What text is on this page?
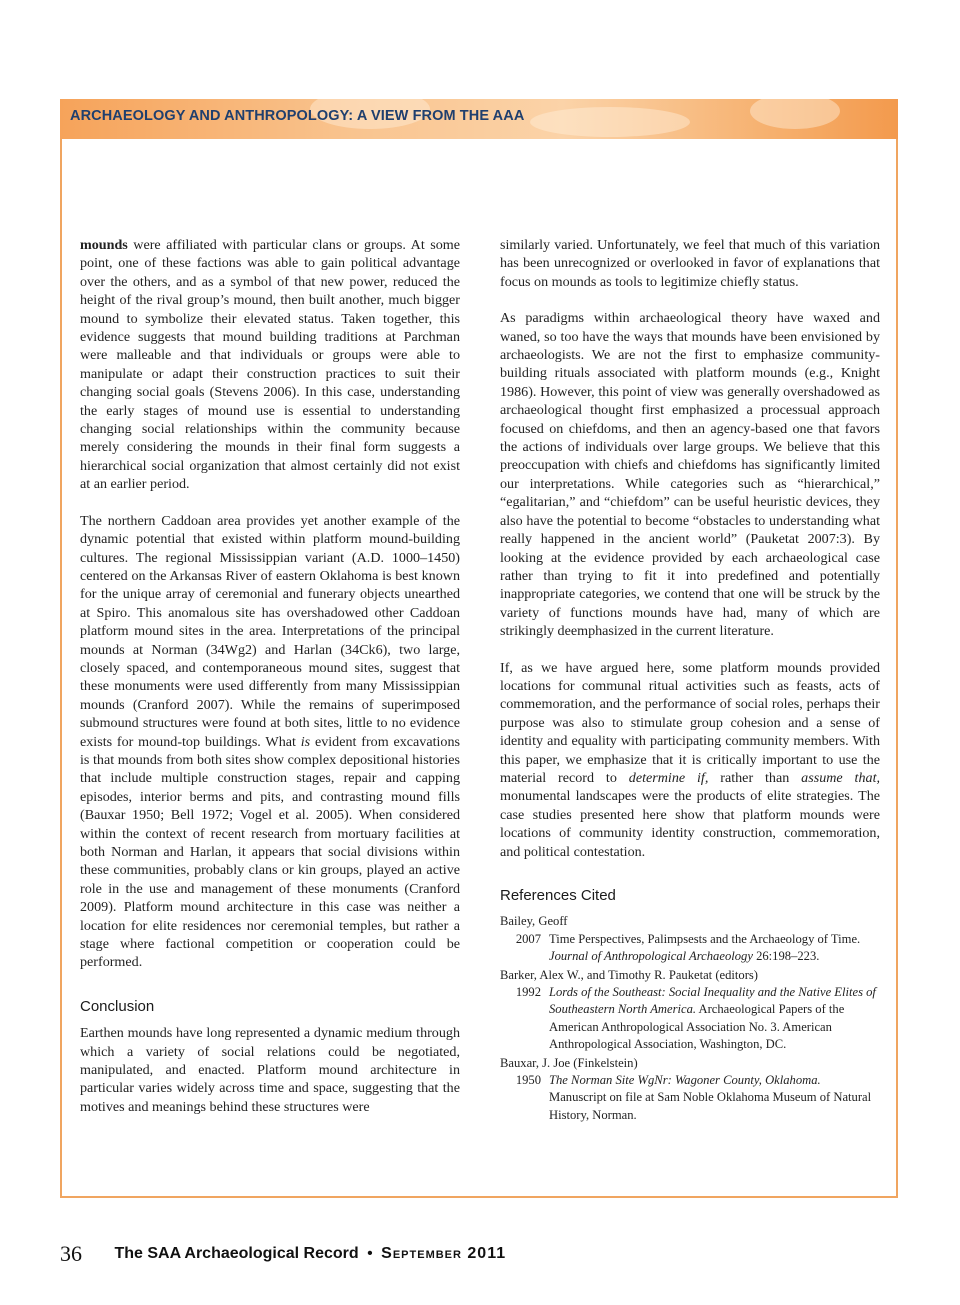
ARCHAEOLOGY AND ANTHROPOLOGY: A VIEW FROM THE AAA

mounds were affiliated with particular clans or groups. At some point, one of these factions was able to gain political advantage over the others, and as a symbol of that new power, reduced the height of the rival group’s mound, then built another, much bigger mound to symbolize their elevated status. Taken together, this evidence suggests that mound building traditions at Parchman were malleable and that individuals or groups were able to manipulate or adapt their construction practices to suit their changing social goals (Stevens 2006). In this case, understanding the early stages of mound use is essential to understanding changing social relationships within the community because merely considering the mounds in their final form suggests a hierarchical social organization that almost certainly did not exist at an earlier period.

The northern Caddoan area provides yet another example of the dynamic potential that existed within platform mound-building cultures. The regional Mississippian variant (A.D. 1000–1450) centered on the Arkansas River of eastern Oklahoma is best known for the unique array of ceremonial and funerary objects unearthed at Spiro. This anomalous site has overshadowed other Caddoan platform mound sites in the area. Interpretations of the principal mounds at Norman (34Wg2) and Harlan (34Ck6), two large, closely spaced, and contemporaneous mound sites, suggest that these monuments were used differently from many Mississippian mounds (Cranford 2007). While the remains of superimposed submound structures were found at both sites, little to no evidence exists for mound-top buildings. What is evident from excavations is that mounds from both sites show complex depositional histories that include multiple construction stages, repair and capping episodes, interior berms and pits, and contrasting mound fills (Bauxar 1950; Bell 1972; Vogel et al. 2005). When considered within the context of recent research from mortuary facilities at both Norman and Harlan, it appears that social divisions within these communities, probably clans or kin groups, played an active role in the use and management of these monuments (Cranford 2009). Platform mound architecture in this case was neither a location for elite residences nor ceremonial temples, but rather a stage where factional competition or cooperation could be performed.

Conclusion

Earthen mounds have long represented a dynamic medium through which a variety of social relations could be negotiated, manipulated, and enacted. Platform mound architecture in particular varies widely across time and space, suggesting that the motives and meanings behind these structures were

similarly varied. Unfortunately, we feel that much of this variation has been unrecognized or overlooked in favor of explanations that focus on mounds as tools to legitimize chiefly status.

As paradigms within archaeological theory have waxed and waned, so too have the ways that mounds have been envisioned by archaeologists. We are not the first to emphasize community-building rituals associated with platform mounds (e.g., Knight 1986). However, this point of view was generally overshadowed as archaeological thought first emphasized a processual approach focused on chiefdoms, and then an agency-based one that favors the actions of individuals over large groups. We believe that this preoccupation with chiefs and chiefdoms has significantly limited our interpretations. While categories such as “hierarchical,” “egalitarian,” and “chiefdom” can be useful heuristic devices, they also have the potential to become “obstacles to understanding what really happened in the ancient world” (Pauketat 2007:3). By looking at the evidence provided by each archaeological case rather than trying to fit it into predefined and potentially inappropriate categories, we contend that one will be struck by the variety of functions mounds have had, many of which are strikingly deemphasized in the current literature.

If, as we have argued here, some platform mounds provided locations for communal ritual activities such as feasts, acts of commemoration, and the performance of social roles, perhaps their purpose was also to stimulate group cohesion and a sense of identity and equality with participating community members. With this paper, we emphasize that it is critically important to use the material record to determine if, rather than assume that, monumental landscapes were the products of elite strategies. The case studies presented here show that platform mounds were locations of community identity construction, commemoration, and political contestation.

References Cited
Bailey, Geoff
2007 Time Perspectives, Palimpsests and the Archaeology of Time. Journal of Anthropological Archaeology 26:198–223.
Barker, Alex W., and Timothy R. Pauketat (editors)
1992 Lords of the Southeast: Social Inequality and the Native Elites of Southeastern North America. Archaeological Papers of the American Anthropological Association No. 3. American Anthropological Association, Washington, DC.
Bauxar, J. Joe (Finkelstein)
1950 The Norman Site WgNr: Wagoner County, Oklahoma. Manuscript on file at Sam Noble Oklahoma Museum of Natural History, Norman.
36 The SAA Archaeological Record • September 2011
